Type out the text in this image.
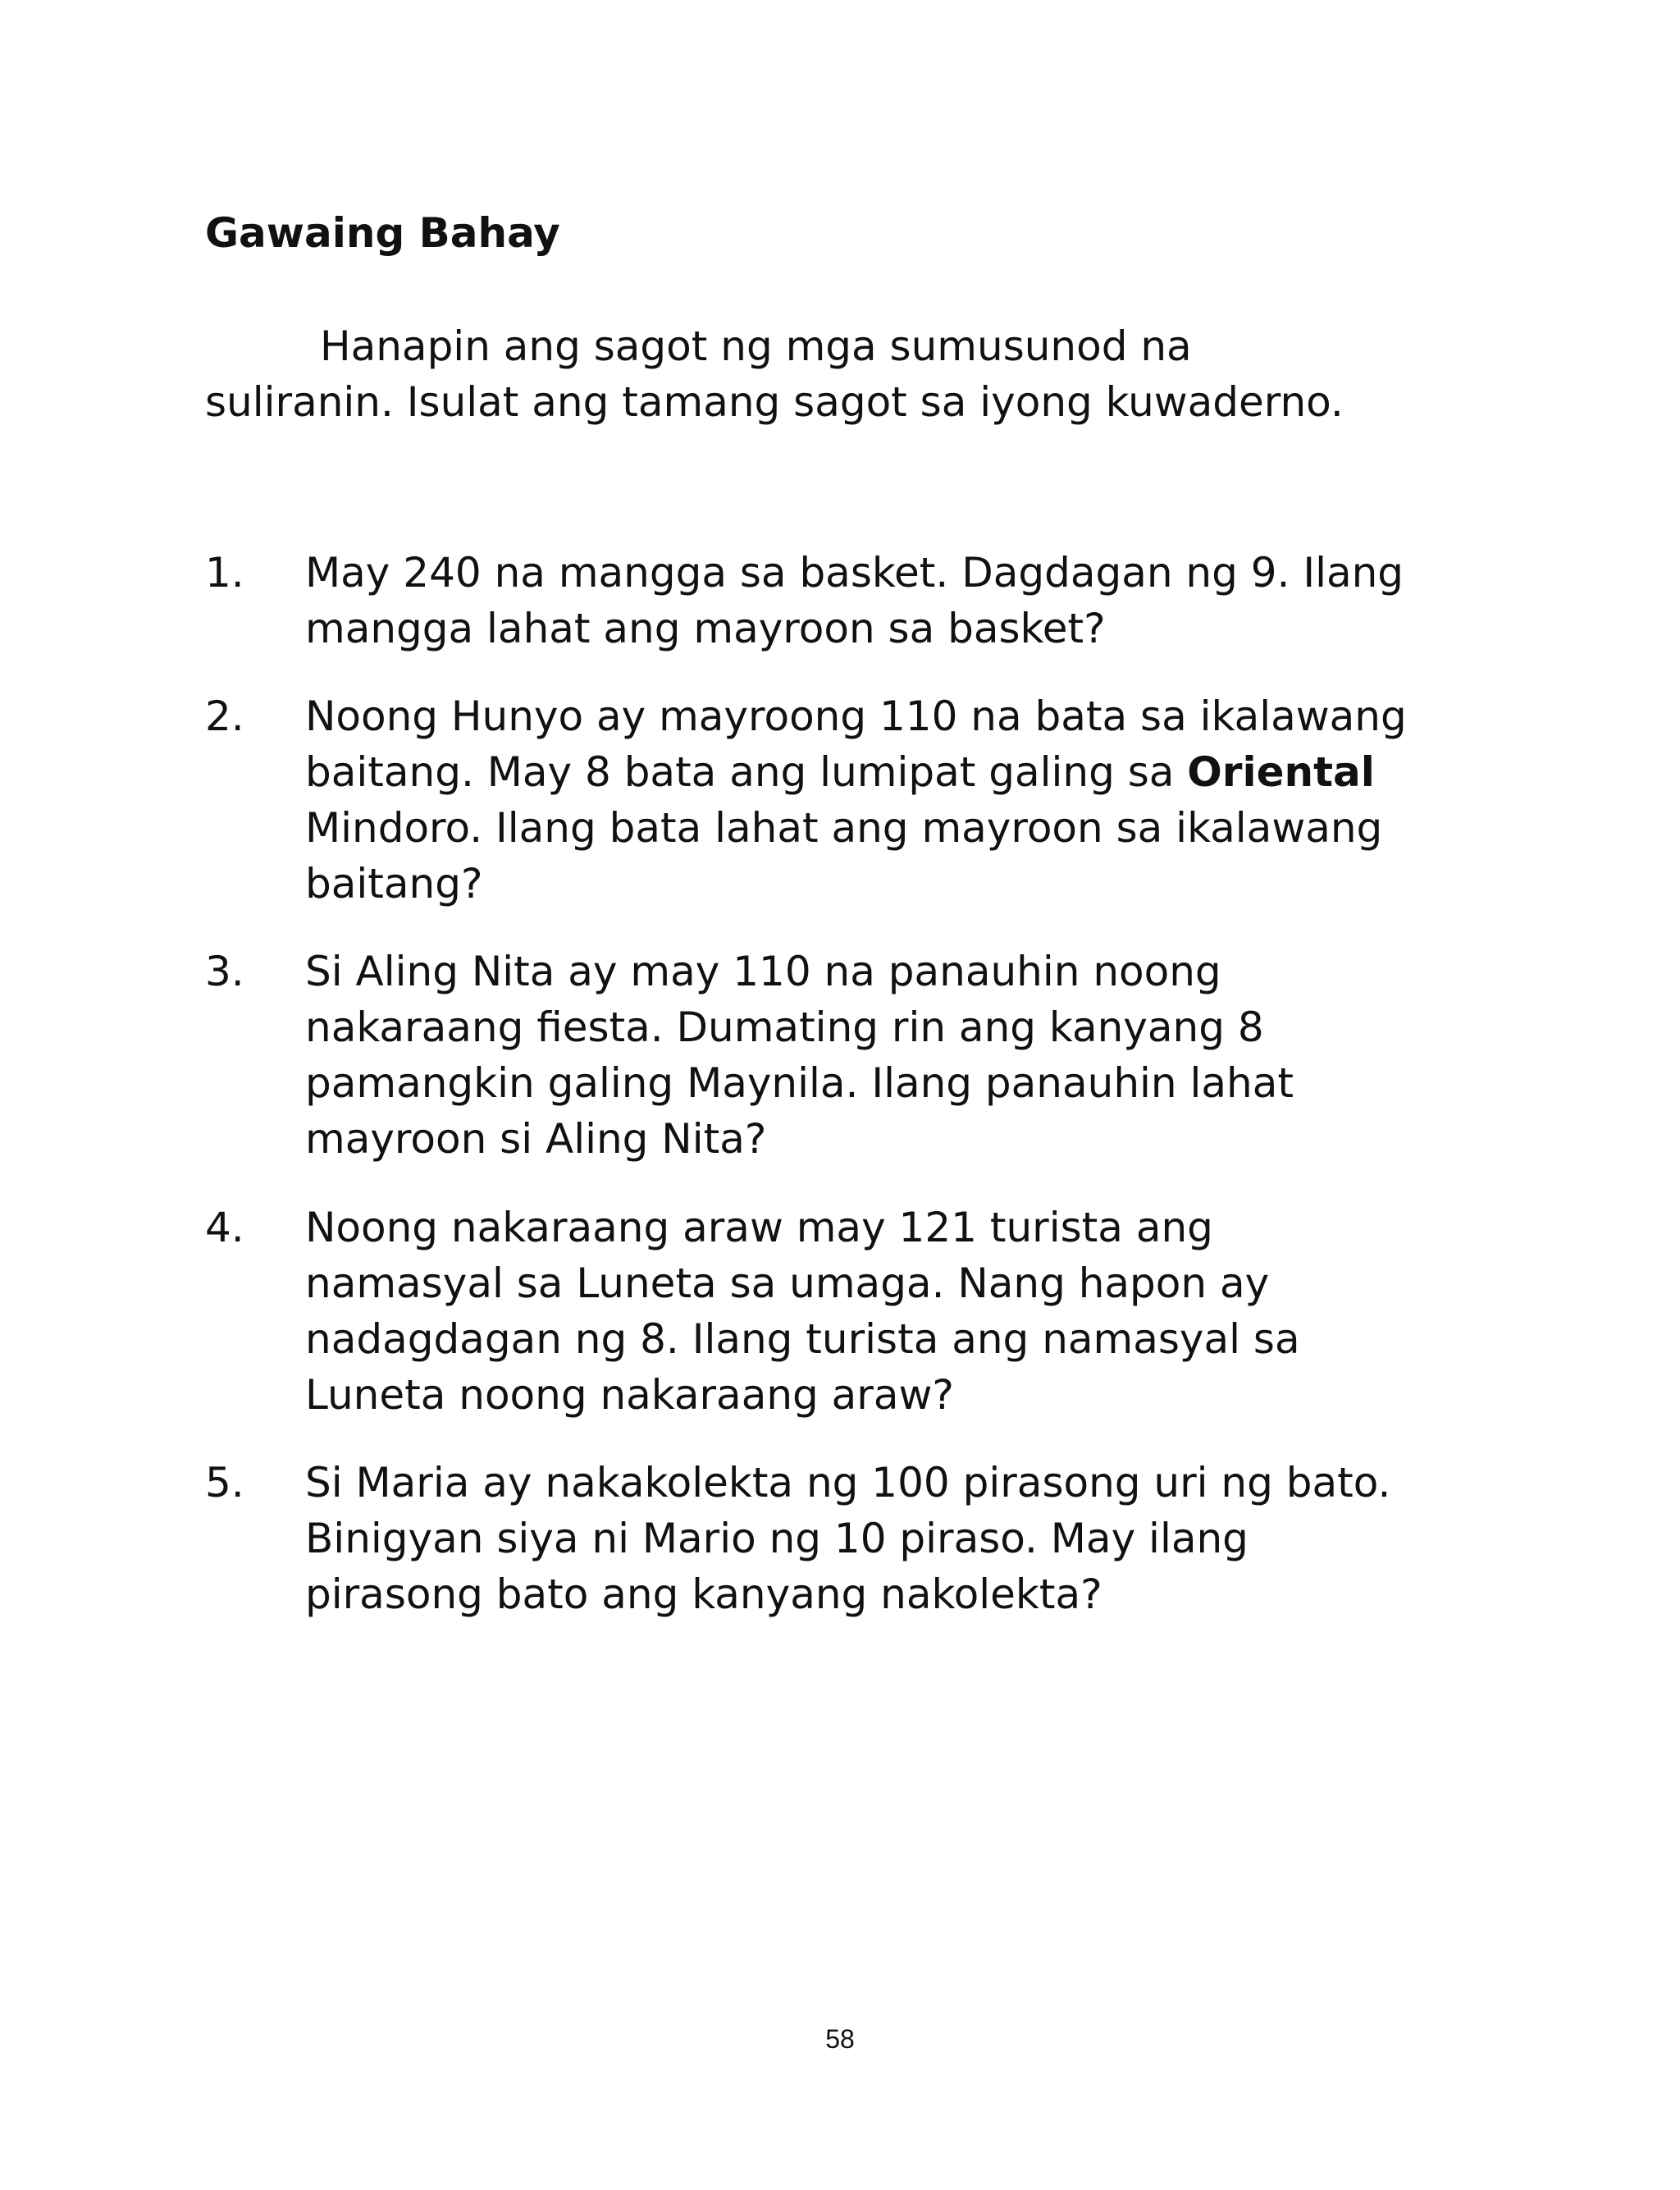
Gawaing Bahay

Hanapin ang sagot ng mga sumusunod na suliranin. Isulat ang tamang sagot sa iyong kuwaderno.

1. May 240 na mangga sa basket. Dagdagan ng 9. Ilang mangga lahat ang mayroon sa basket?

2. Noong Hunyo ay mayroong 110 na bata sa ikalawang baitang. May 8 bata ang lumipat galing sa Oriental Mindoro. Ilang bata lahat ang mayroon sa ikalawang baitang?

3. Si Aling Nita ay may 110 na panauhin noong nakaraang fiesta. Dumating rin ang kanyang 8 pamangkin galing Maynila. Ilang panauhin lahat mayroon si Aling Nita?

4. Noong nakaraang araw may 121 turista ang namasyal sa Luneta sa umaga. Nang hapon ay nadagdagan ng 8. Ilang turista ang namasyal sa Luneta noong nakaraang araw?

5. Si Maria ay nakakolekta ng 100 pirasong uri ng bato. Binigyan siya ni Mario ng 10 piraso. May ilang pirasong bato ang kanyang nakolekta?

58
